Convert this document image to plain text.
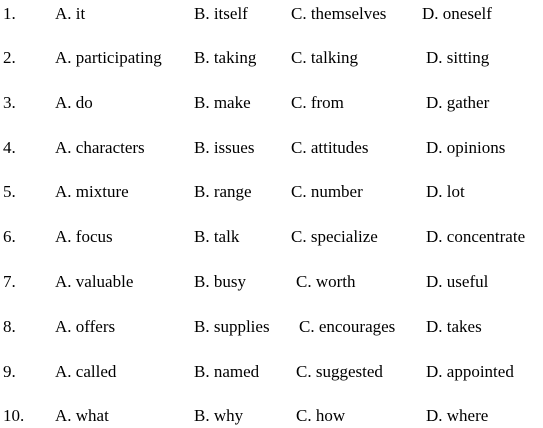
1. A. it	B. itself	C. themselves D. oneself
2. A. participating B. taking C. talking	D. sitting
3. A. do	B. make C. from	D. gather
4. A. characters	B. issues C. attitudes	D. opinions
5. A. mixture	B. range C. number	D. lot
6. A. focus	B. talk	C. specialize	D. concentrate
7. A. valuable	B. busy	C. worth	D. useful
8. A. offers	B. supplies C. encourages D. takes
9. A. called	B. named C. suggested	D. appointed
10. A. what	B. why	C. how	D. where
